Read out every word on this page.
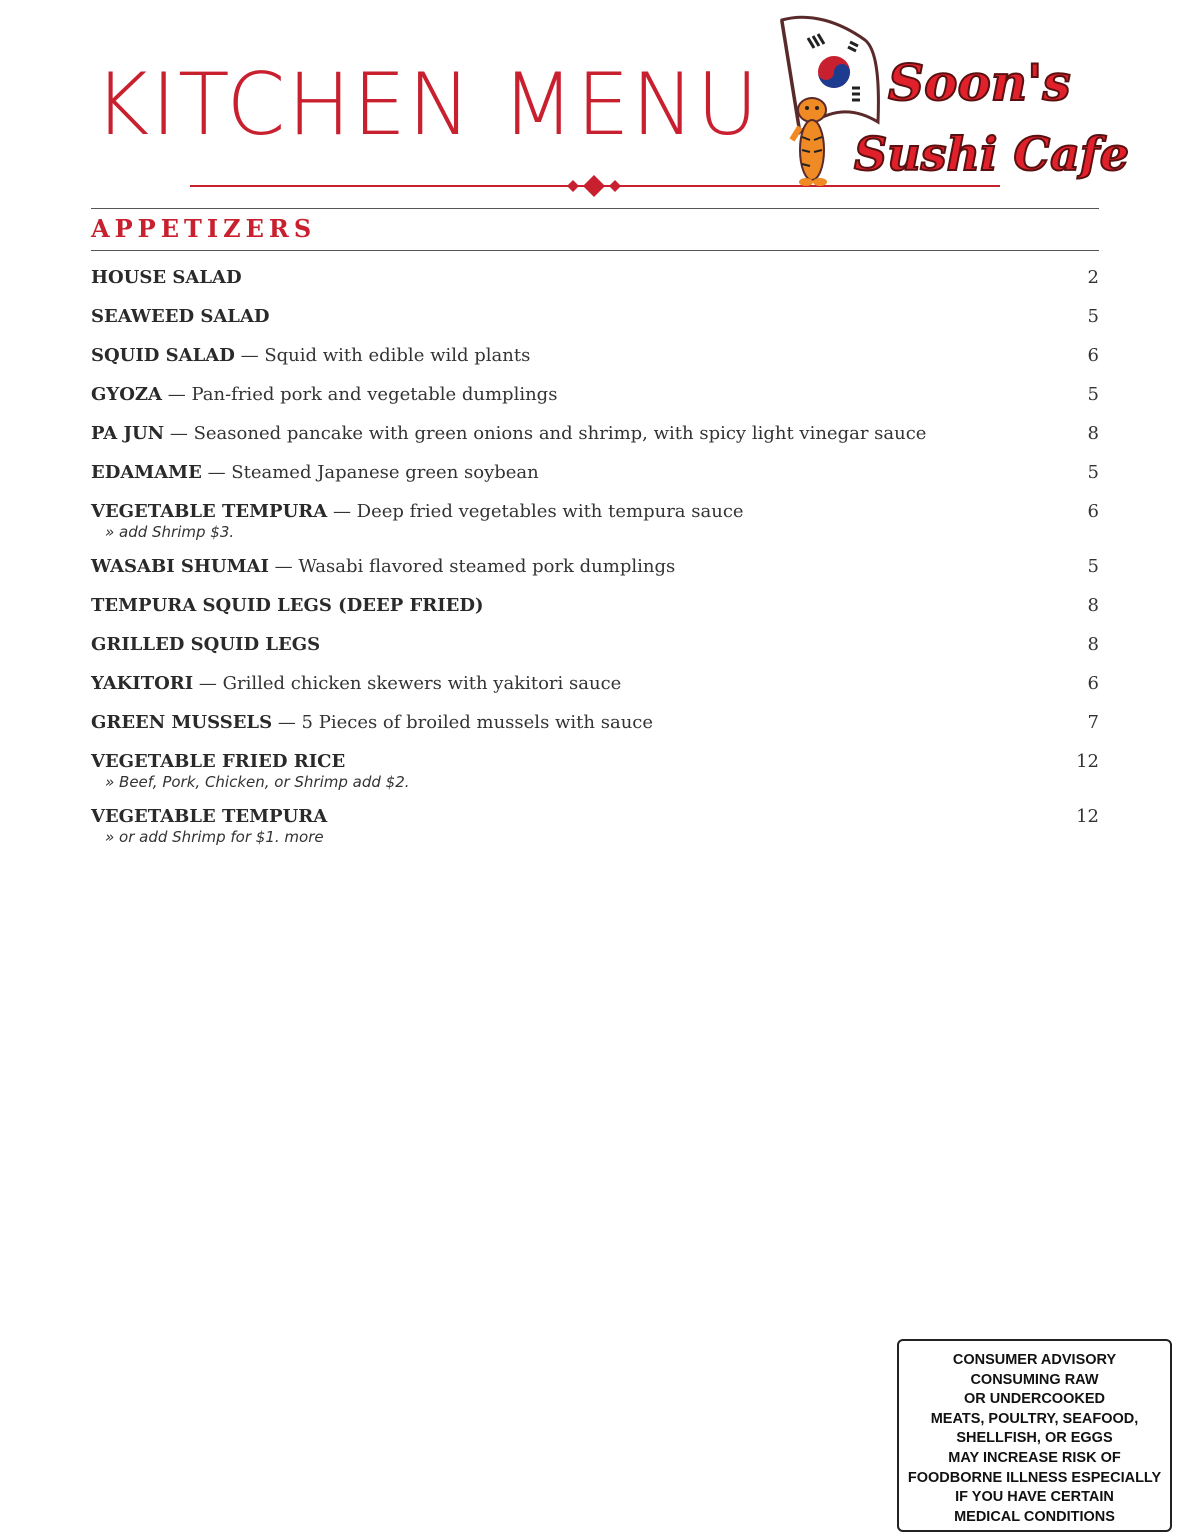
KITCHEN MENU	Soon's
Sushi Cafe
APPETIZERS
HOUSE SALAD	2
SEAWEED SALAD	5
SQUID SALAD — Squid with edible wild plants	6
GYOZA — Pan-fried pork and vegetable dumplings	5
PA JUN — Seasoned pancake with green onions and shrimp, with spicy light vinegar sauce	8
EDAMAME — Steamed Japanese green soybean	5
VEGETABLE TEMPURA — Deep fried vegetables with tempura sauce	6
» add Shrimp $3.
WASABI SHUMAI — Wasabi flavored steamed pork dumplings	5
TEMPURA SQUID LEGS (DEEP FRIED)	8
GRILLED SQUID LEGS	8
YAKITORI — Grilled chicken skewers with yakitori sauce	6
GREEN MUSSELS — 5 Pieces of broiled mussels with sauce	7
VEGETABLE FRIED RICE	12
» Beef, Pork, Chicken, or Shrimp add $2.
VEGETABLE TEMPURA	12
» or add Shrimp for $1. more
CONSUMER ADVISORY
CONSUMING RAW
OR UNDERCOOKED
MEATS, POULTRY, SEAFOOD,
SHELLFISH, OR EGGS
MAY INCREASE RISK OF
FOODBORNE ILLNESS ESPECIALLY
IF YOU HAVE CERTAIN
MEDICAL CONDITIONS
